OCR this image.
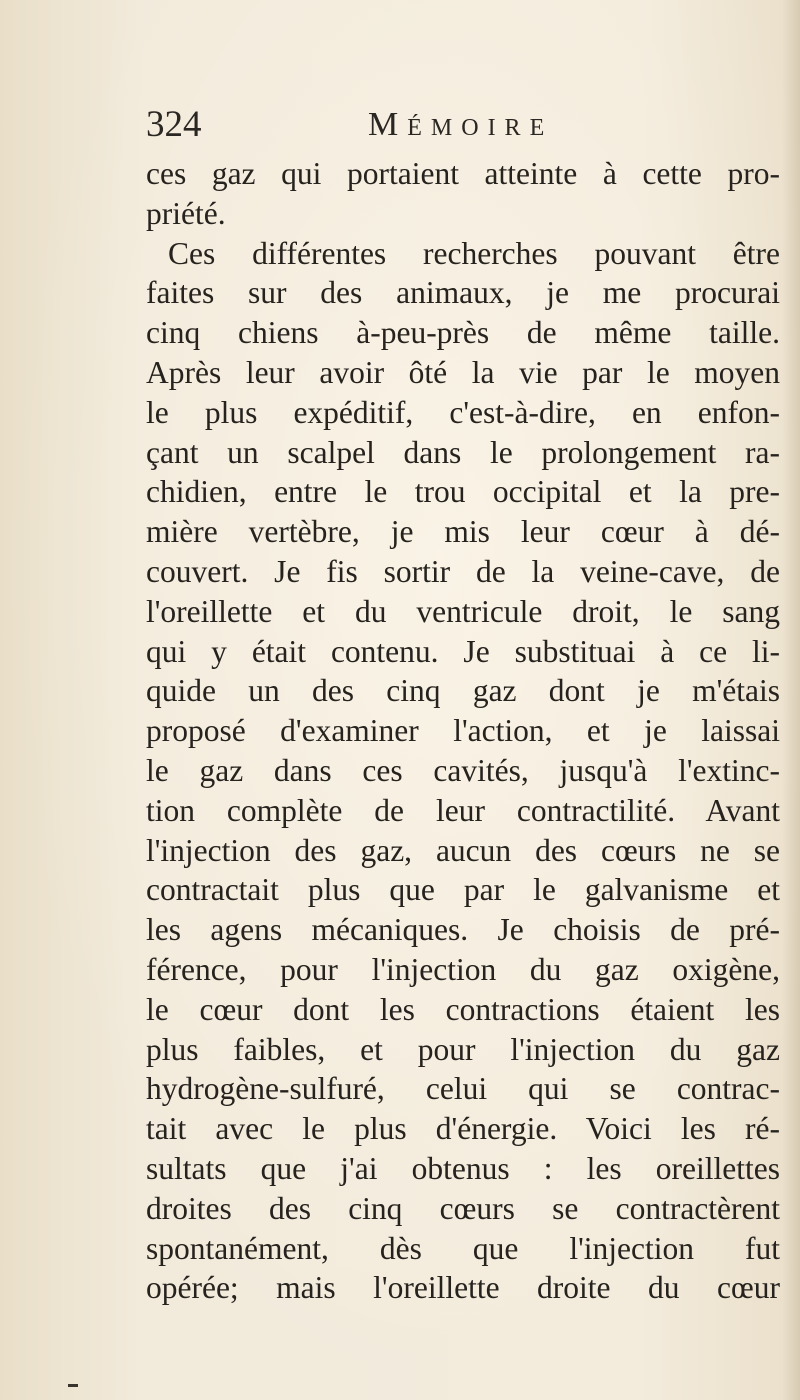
324	Mémoire
ces gaz qui portaient atteinte à cette pro-
priété.
Ces différentes recherches pouvant être
faites sur des animaux, je me procurai
cinq chiens à-peu-près de même taille.
Après leur avoir ôté la vie par le moyen
le plus expéditif, c'est-à-dire, en enfon-
çant un scalpel dans le prolongement ra-
chidien, entre le trou occipital et la pre-
mière vertèbre, je mis leur cœur à dé-
couvert. Je fis sortir de la veine-cave, de
l'oreillette et du ventricule droit, le sang
qui y était contenu. Je substituai à ce li-
quide un des cinq gaz dont je m'étais
proposé d'examiner l'action, et je laissai
le gaz dans ces cavités, jusqu'à l'extinc-
tion complète de leur contractilité. Avant
l'injection des gaz, aucun des cœurs ne se
contractait plus que par le galvanisme et
les agens mécaniques. Je choisis de pré-
férence, pour l'injection du gaz oxigène,
le cœur dont les contractions étaient les
plus faibles, et pour l'injection du gaz
hydrogène-sulfuré, celui qui se contrac-
tait avec le plus d'énergie. Voici les ré-
sultats que j'ai obtenus : les oreillettes
droites des cinq cœurs se contractèrent
spontanément, dès que l'injection fut
opérée; mais l'oreillette droite du cœur
